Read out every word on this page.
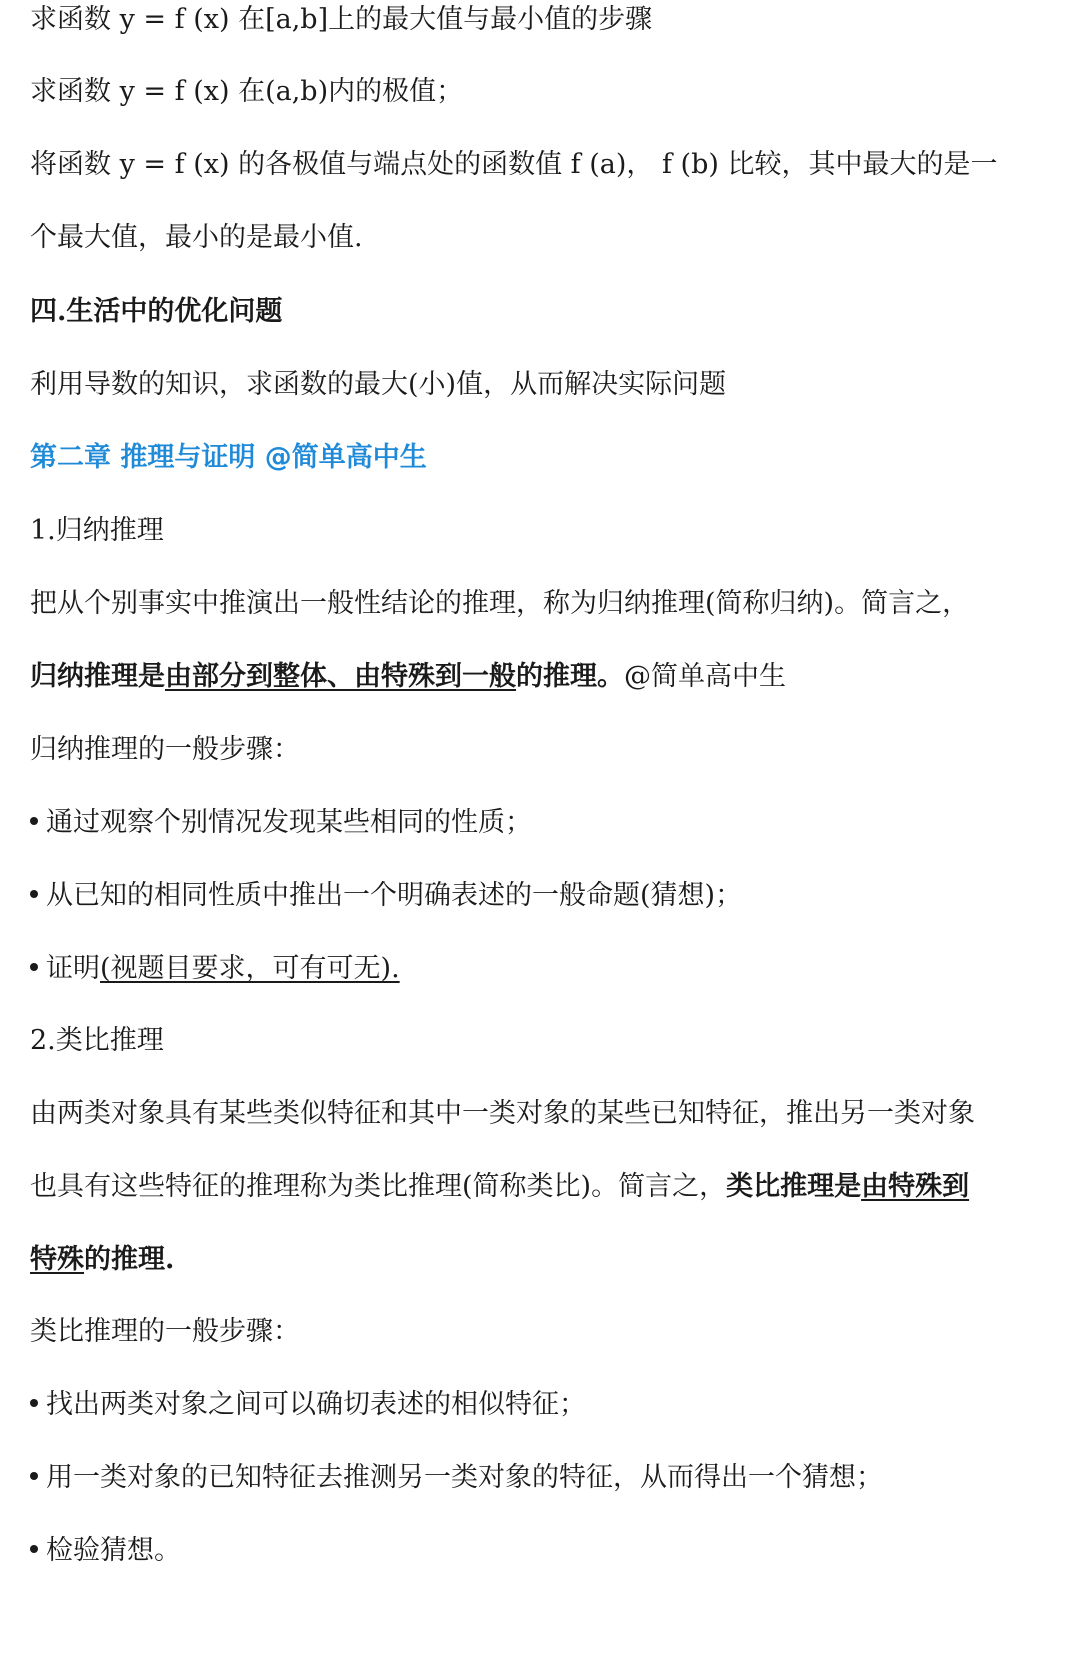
求函数 y = f (x) 在[a,b]上的最大值与最小值的步骤
求函数 y = f (x) 在(a,b)内的极值；
将函数 y = f (x) 的各极值与端点处的函数值 f (a)， f (b) 比较，其中最大的是一
个最大值，最小的是最小值.
四.生活中的优化问题
利用导数的知识，求函数的最大(小)值，从而解决实际问题
第二章 推理与证明 @简单高中生
1.归纳推理
把从个别事实中推演出一般性结论的推理，称为归纳推理(简称归纳)。简言之，
归纳推理是由部分到整体、由特殊到一般的推理。@简单高中生
归纳推理的一般步骤：
通过观察个别情况发现某些相同的性质；
从已知的相同性质中推出一个明确表述的一般命题(猜想)；
证明(视题目要求，可有可无).
2.类比推理
由两类对象具有某些类似特征和其中一类对象的某些已知特征，推出另一类对象
也具有这些特征的推理称为类比推理(简称类比)。简言之，类比推理是由特殊到
特殊的推理.
类比推理的一般步骤：
找出两类对象之间可以确切表述的相似特征；
用一类对象的已知特征去推测另一类对象的特征，从而得出一个猜想；
检验猜想。
